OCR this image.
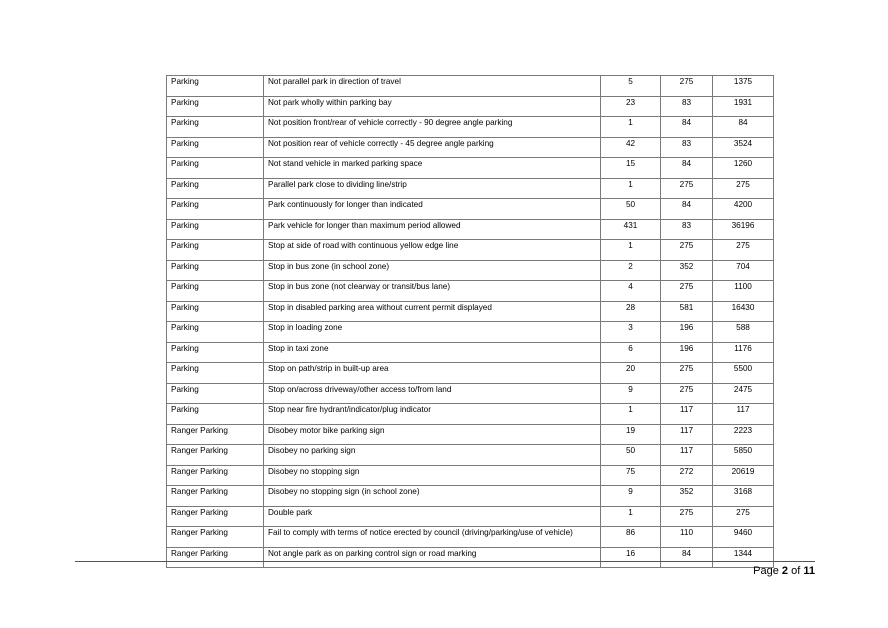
Parking	Not parallel park in direction of travel	5	275	1375
Parking	Not park wholly within parking bay	23	83	1931
Parking	Not position front/rear of vehicle correctly - 90 degree angle parking	1	84	84
Parking	Not position rear of vehicle correctly - 45 degree angle parking	42	83	3524
Parking	Not stand vehicle in marked parking space	15	84	1260
Parking	Parallel park close to dividing line/strip	1	275	275
Parking	Park continuously for longer than indicated	50	84	4200
Parking	Park vehicle for longer than maximum period allowed	431	83	36196
Parking	Stop at side of road with continuous yellow edge line	1	275	275
Parking	Stop in bus zone (in school zone)	2	352	704
Parking	Stop in bus zone (not clearway or transit/bus lane)	4	275	1100
Parking	Stop in disabled parking area without current permit displayed	28	581	16430
Parking	Stop in loading zone	3	196	588
Parking	Stop in taxi zone	6	196	1176
Parking	Stop on path/strip in built-up area	20	275	5500
Parking	Stop on/across driveway/other access to/from land	9	275	2475
Parking	Stop near fire hydrant/indicator/plug indicator	1	117	117
Ranger Parking	Disobey motor bike parking sign	19	117	2223
Ranger Parking	Disobey no parking sign	50	117	5850
Ranger Parking	Disobey no stopping sign	75	272	20619
Ranger Parking	Disobey no stopping sign (in school zone)	9	352	3168
Ranger Parking	Double park	1	275	275
Ranger Parking	Fail to comply with terms of notice erected by council (driving/parking/use of vehicle)	86	110	9460
Ranger Parking	Not angle park as on parking control sign or road marking	16	84	1344
Page 2 of 11
